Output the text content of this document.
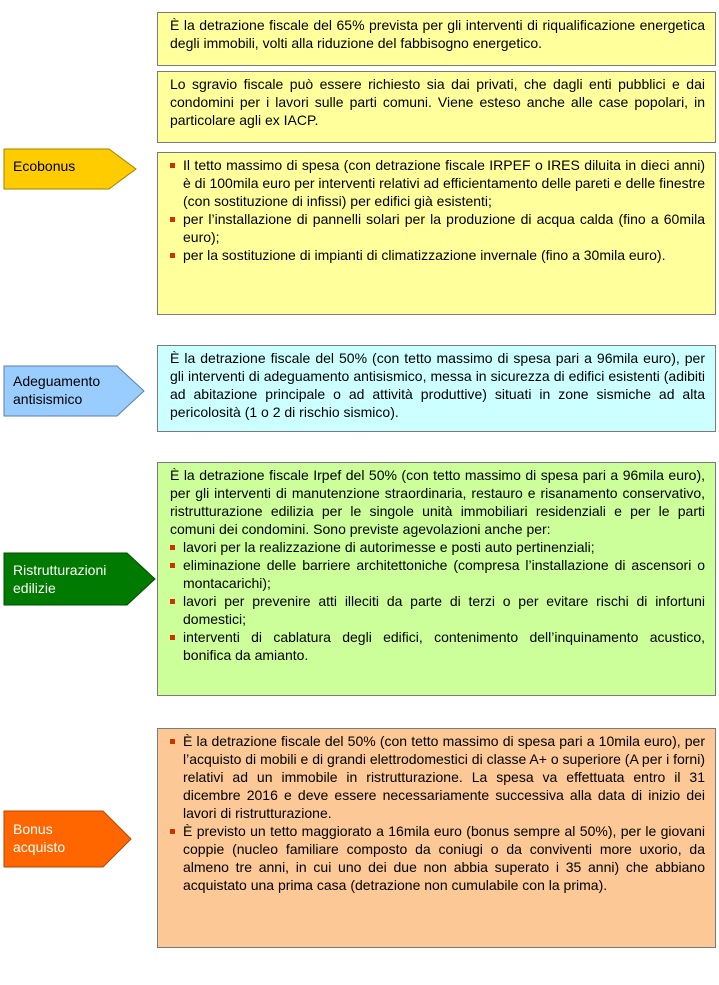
È la detrazione fiscale del 65% prevista per gli interventi di riqualificazione energetica degli immobili, volti alla riduzione del fabbisogno energetico.

Lo sgravio fiscale può essere richiesto sia dai privati, che dagli enti pubblici e dai condomini per i lavori sulle parti comuni. Viene esteso anche alle case popolari, in particolare agli ex IACP.

Ecobonus	Il tetto massimo di spesa (con detrazione fiscale IRPEF o IRES diluita in dieci anni) è di 100mila euro per interventi relativi ad efficientamento delle pareti e delle finestre (con sostituzione di infissi) per edifici già esistenti;
per l’installazione di pannelli solari per la produzione di acqua calda (fino a 60mila euro);
per la sostituzione di impianti di climatizzazione invernale (fino a 30mila euro).
Adeguamento
antisismico

È la detrazione fiscale del 50% (con tetto massimo di spesa pari a 96mila euro), per gli interventi di adeguamento antisismico, messa in sicurezza di edifici esistenti (adibiti ad abitazione principale o ad attività produttive) situati in zone sismiche ad alta pericolosità (1 o 2 di rischio sismico).

Ristrutturazioni
edilizie

È la detrazione fiscale Irpef del 50% (con tetto massimo di spesa pari a 96mila euro), per gli interventi di manutenzione straordinaria, restauro e risanamento conservativo, ristrutturazione edilizia per le singole unità immobiliari residenziali e per le parti comuni dei condomini. Sono previste agevolazioni anche per:

lavori per la realizzazione di autorimesse e posti auto pertinenziali;
eliminazione delle barriere architettoniche (compresa l’installazione di ascensori o montacarichi);
lavori per prevenire atti illeciti da parte di terzi o per evitare rischi di infortuni domestici;
interventi di cablatura degli edifici, contenimento dell’inquinamento acustico, bonifica da amianto.
Bonus
acquisto
È la detrazione fiscale del 50% (con tetto massimo di spesa pari a 10mila euro), per l’acquisto di mobili e di grandi elettrodomestici di classe A+ o superiore (A per i forni) relativi ad un immobile in ristrutturazione. La spesa va effettuata entro il 31 dicembre 2016 e deve essere necessariamente successiva alla data di inizio dei lavori di ristrutturazione.
È previsto un tetto maggiorato a 16mila euro (bonus sempre al 50%), per le giovani coppie (nucleo familiare composto da coniugi o da conviventi more uxorio, da almeno tre anni, in cui uno dei due non abbia superato i 35 anni) che abbiano acquistato una prima casa (detrazione non cumulabile con la prima).
